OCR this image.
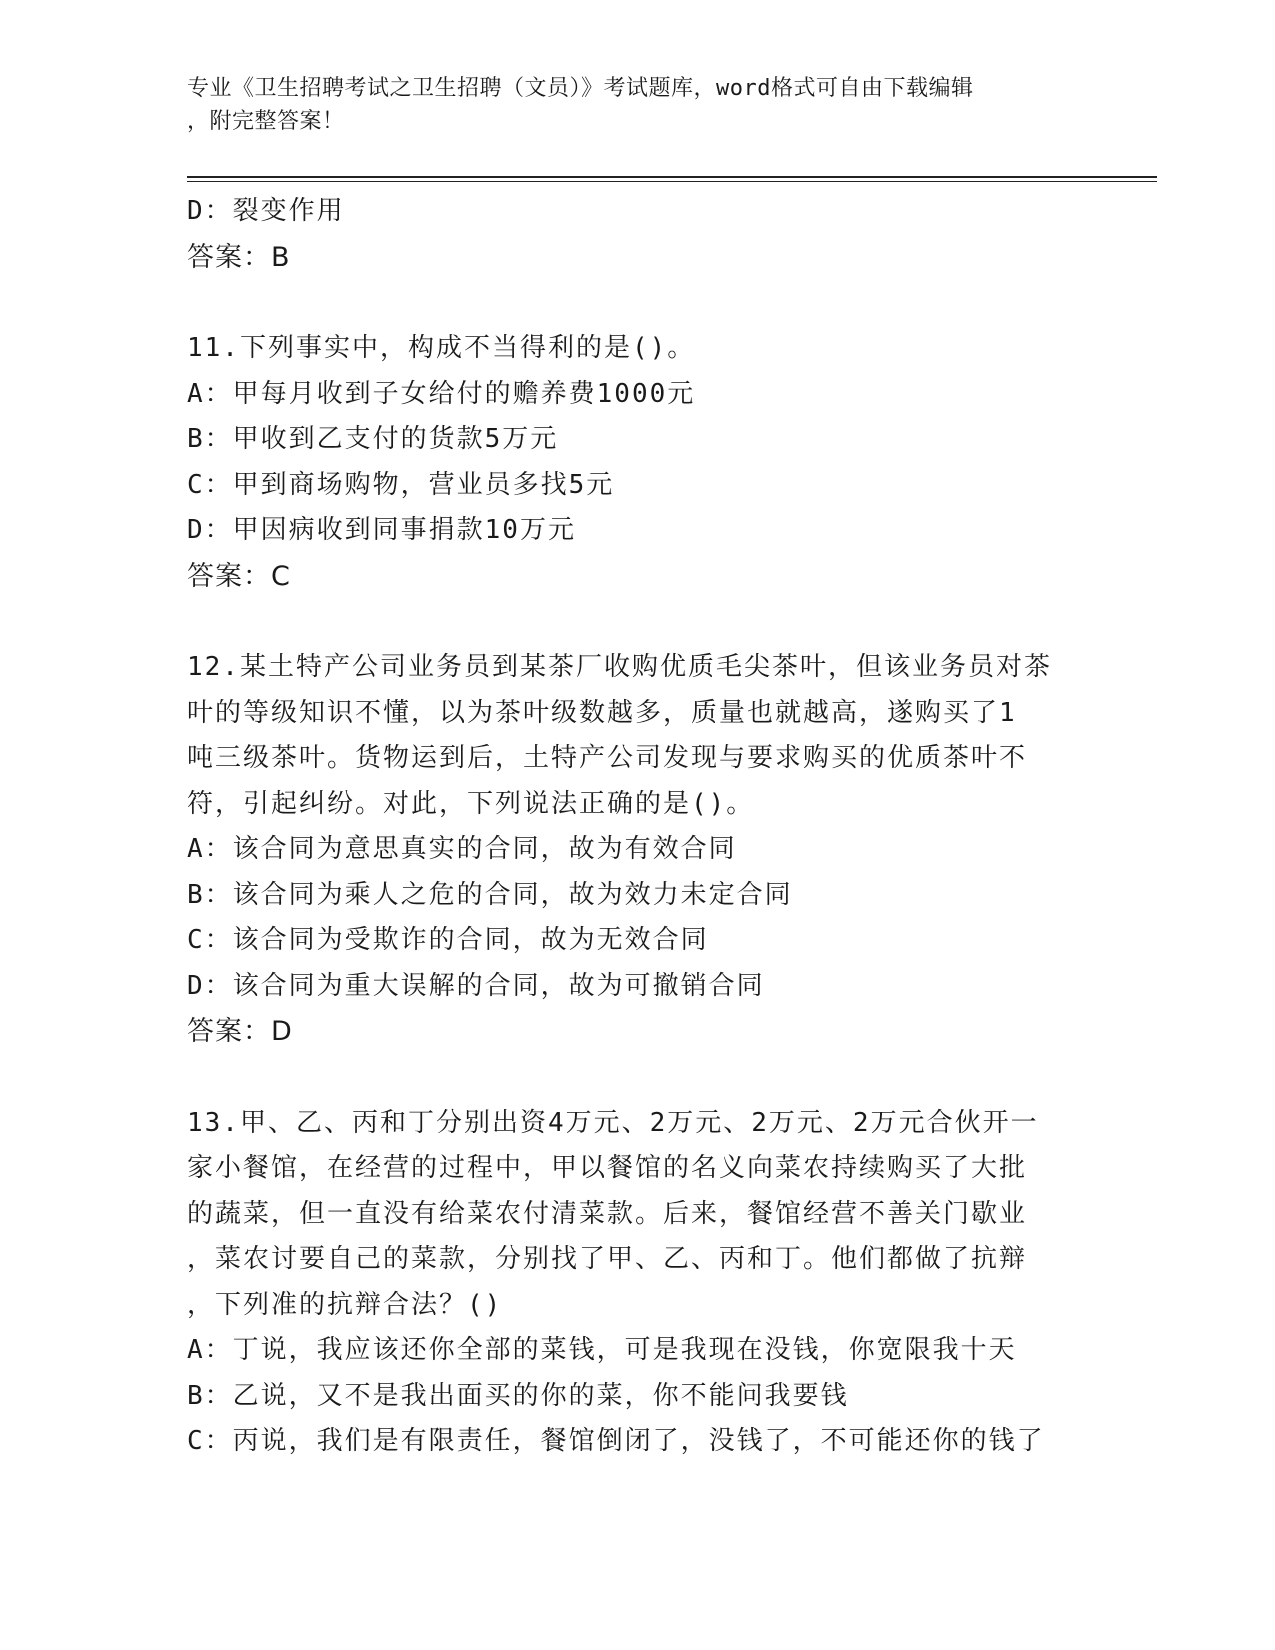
专业《卫生招聘考试之卫生招聘（文员）》考试题库，word格式可自由下载编辑
，附完整答案！
D：裂变作用
答案：B
11.下列事实中，构成不当得利的是()。
A：甲每月收到子女给付的赡养费1000元
B：甲收到乙支付的货款5万元
C：甲到商场购物，营业员多找5元
D：甲因病收到同事捐款10万元
答案：C
12.某土特产公司业务员到某茶厂收购优质毛尖茶叶，但该业务员对茶
叶的等级知识不懂，以为茶叶级数越多，质量也就越高，遂购买了1
吨三级茶叶。货物运到后，土特产公司发现与要求购买的优质茶叶不
符，引起纠纷。对此，下列说法正确的是()。
A：该合同为意思真实的合同，故为有效合同
B：该合同为乘人之危的合同，故为效力未定合同
C：该合同为受欺诈的合同，故为无效合同
D：该合同为重大误解的合同，故为可撤销合同
答案：D
13.甲、乙、丙和丁分别出资4万元、2万元、2万元、2万元合伙开一
家小餐馆，在经营的过程中，甲以餐馆的名义向菜农持续购买了大批
的蔬菜，但一直没有给菜农付清菜款。后来，餐馆经营不善关门歇业
，菜农讨要自己的菜款，分别找了甲、乙、丙和丁。他们都做了抗辩
，下列准的抗辩合法？()
A：丁说，我应该还你全部的菜钱，可是我现在没钱，你宽限我十天
B：乙说，又不是我出面买的你的菜，你不能问我要钱
C：丙说，我们是有限责任，餐馆倒闭了，没钱了，不可能还你的钱了
